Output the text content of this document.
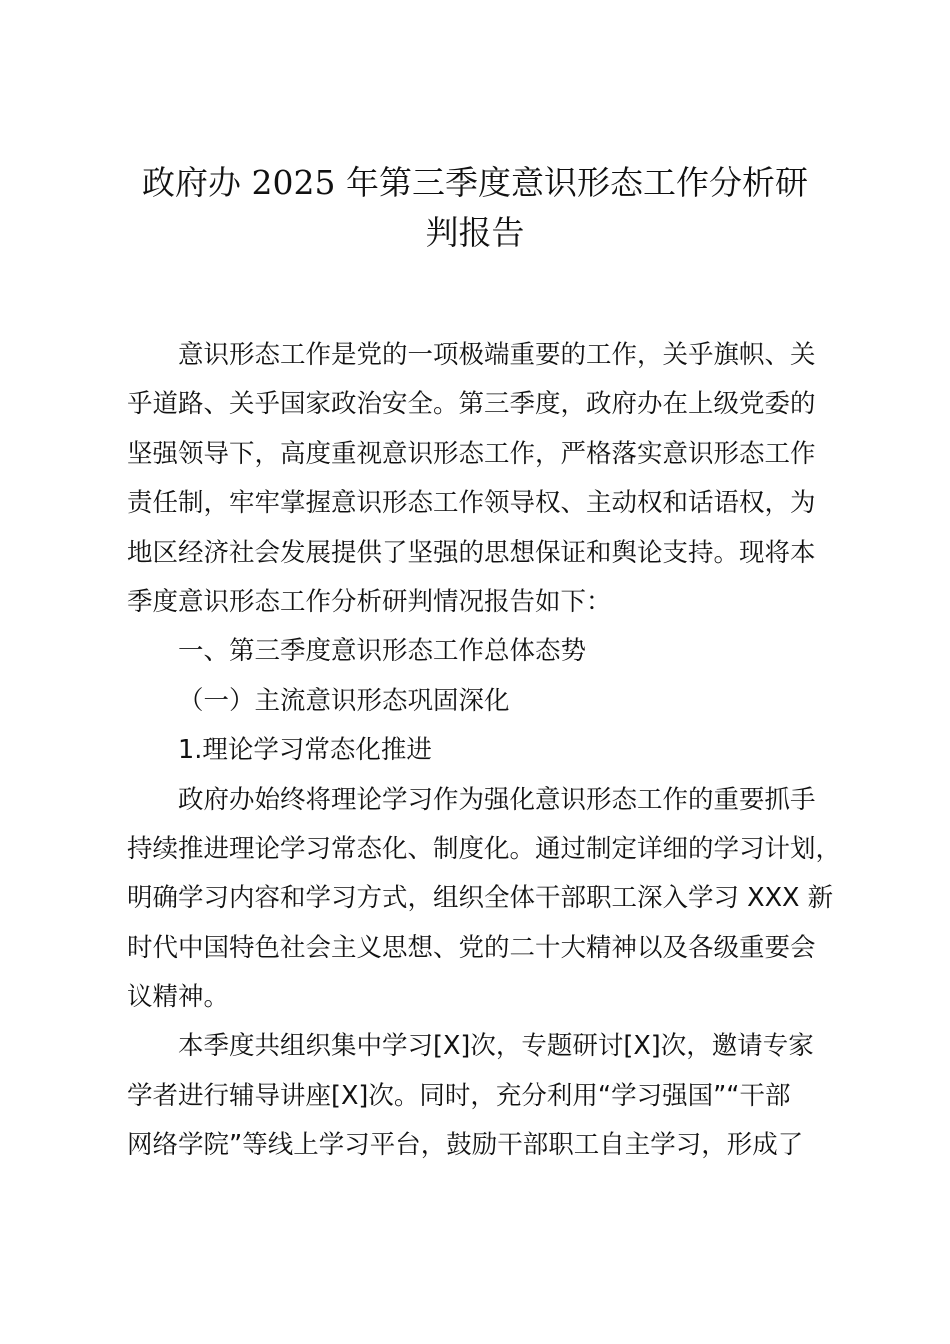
政府办 2025 年第三季度意识形态工作分析研
判报告
意识形态工作是党的一项极端重要的工作，关乎旗帜、关
乎道路、关乎国家政治安全。第三季度，政府办在上级党委的
坚强领导下，高度重视意识形态工作，严格落实意识形态工作
责任制，牢牢掌握意识形态工作领导权、主动权和话语权，为
地区经济社会发展提供了坚强的思想保证和舆论支持。现将本
季度意识形态工作分析研判情况报告如下：
一、第三季度意识形态工作总体态势
（一）主流意识形态巩固深化
1.理论学习常态化推进
政府办始终将理论学习作为强化意识形态工作的重要抓手
持续推进理论学习常态化、制度化。通过制定详细的学习计划，
明确学习内容和学习方式，组织全体干部职工深入学习 XXX 新
时代中国特色社会主义思想、党的二十大精神以及各级重要会
议精神。
本季度共组织集中学习[X]次，专题研讨[X]次，邀请专家
学者进行辅导讲座[X]次。同时，充分利用“学习强国”“干部
网络学院”等线上学习平台，鼓励干部职工自主学习，形成了
